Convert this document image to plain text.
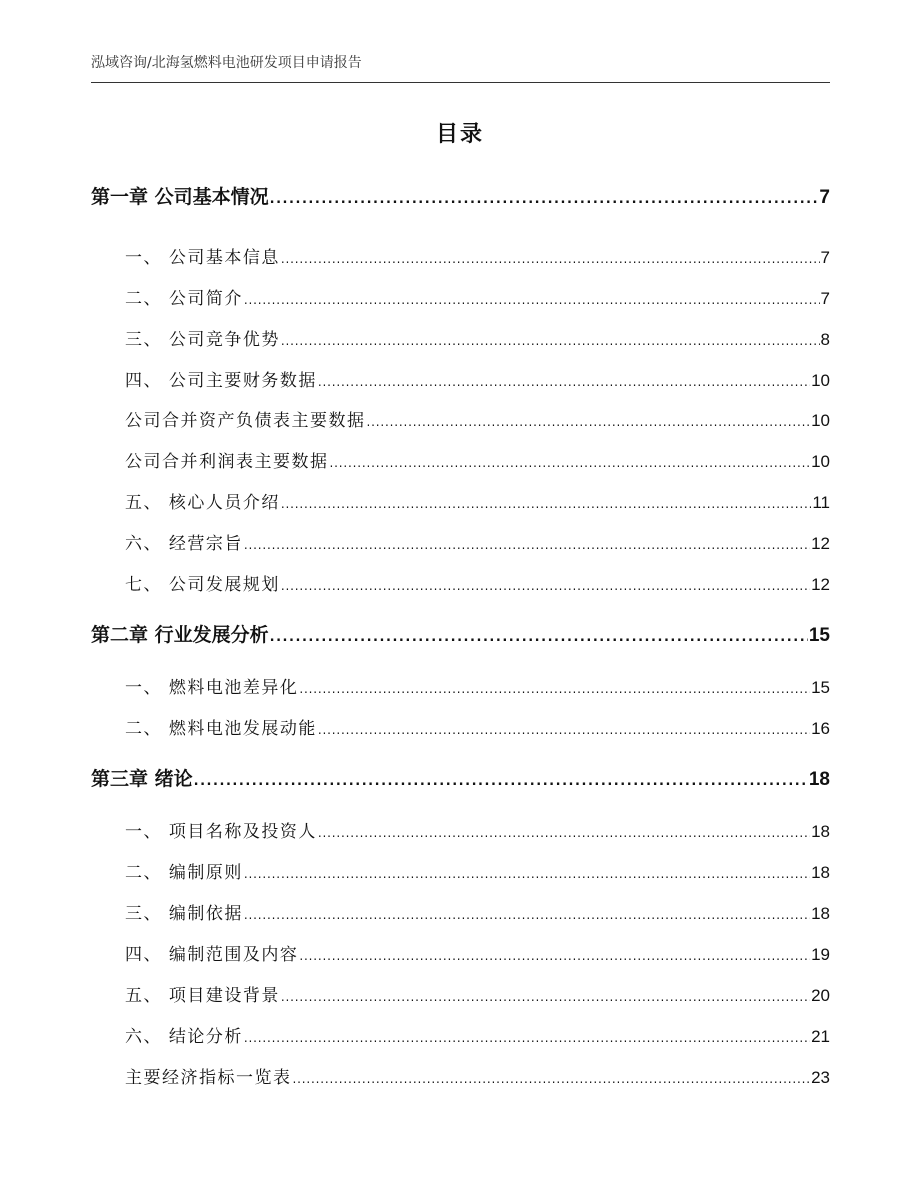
泓域咨询/北海氢燃料电池研发项目申请报告
目录
第一章 公司基本情况 . . .	7
一、 公司基本信息 . . .	7
二、 公司简介 . . .	7
三、 公司竞争优势 . . .	8
四、 公司主要财务数据 . . .	10
公司合并资产负债表主要数据 . . .	10
公司合并利润表主要数据 . . .	10
五、 核心人员介绍 . . .	11
六、 经营宗旨 . . .	12
七、 公司发展规划 . . .	12
第二章 行业发展分析 . . .	15
一、 燃料电池差异化 . . .	15
二、 燃料电池发展动能 . . .	16
第三章 绪论 . . .	18
一、 项目名称及投资人 . . .	18
二、 编制原则 . . .	18
三、 编制依据 . . .	18
四、 编制范围及内容 . . .	19
五、 项目建设背景 . . .	20
六、 结论分析 . . .	21
主要经济指标一览表 . . .	23
